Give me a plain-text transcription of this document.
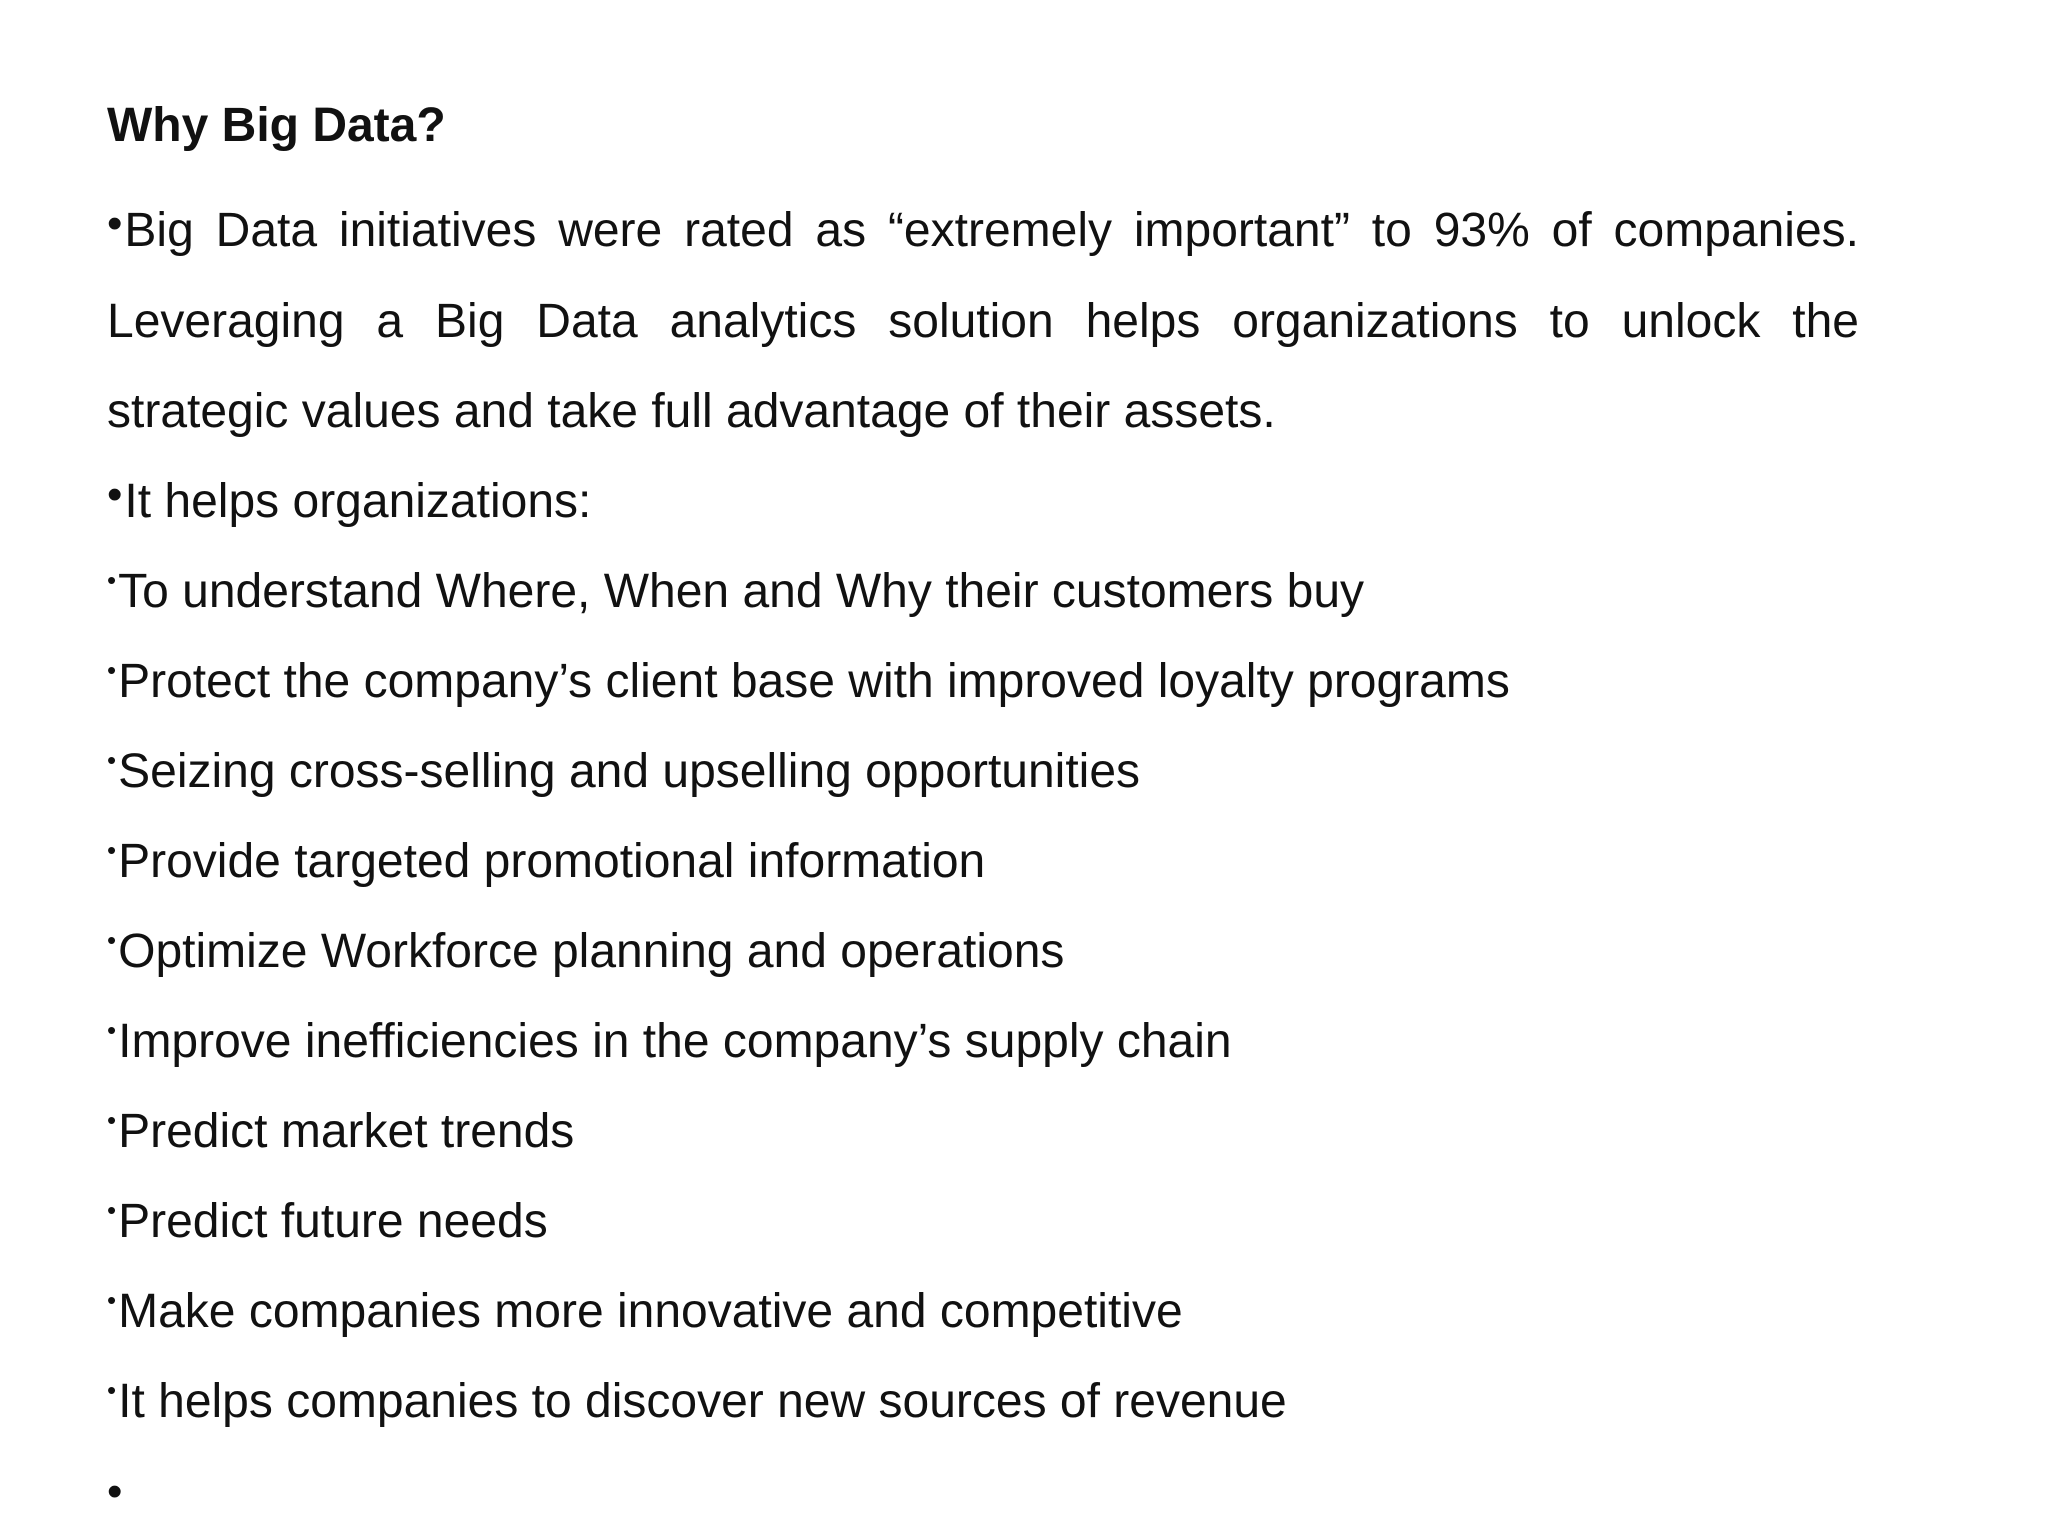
Why Big Data?
•Big Data initiatives were rated as “extremely important” to 93% of companies. Leveraging a Big Data analytics solution helps organizations to unlock the strategic values and take full advantage of their assets.
•It helps organizations:
•To understand Where, When and Why their customers buy
•Protect the company’s client base with improved loyalty programs
•Seizing cross-selling and upselling opportunities
•Provide targeted promotional information
•Optimize Workforce planning and operations
•Improve inefficiencies in the company’s supply chain
•Predict market trends
•Predict future needs
•Make companies more innovative and competitive
•It helps companies to discover new sources of revenue
•
